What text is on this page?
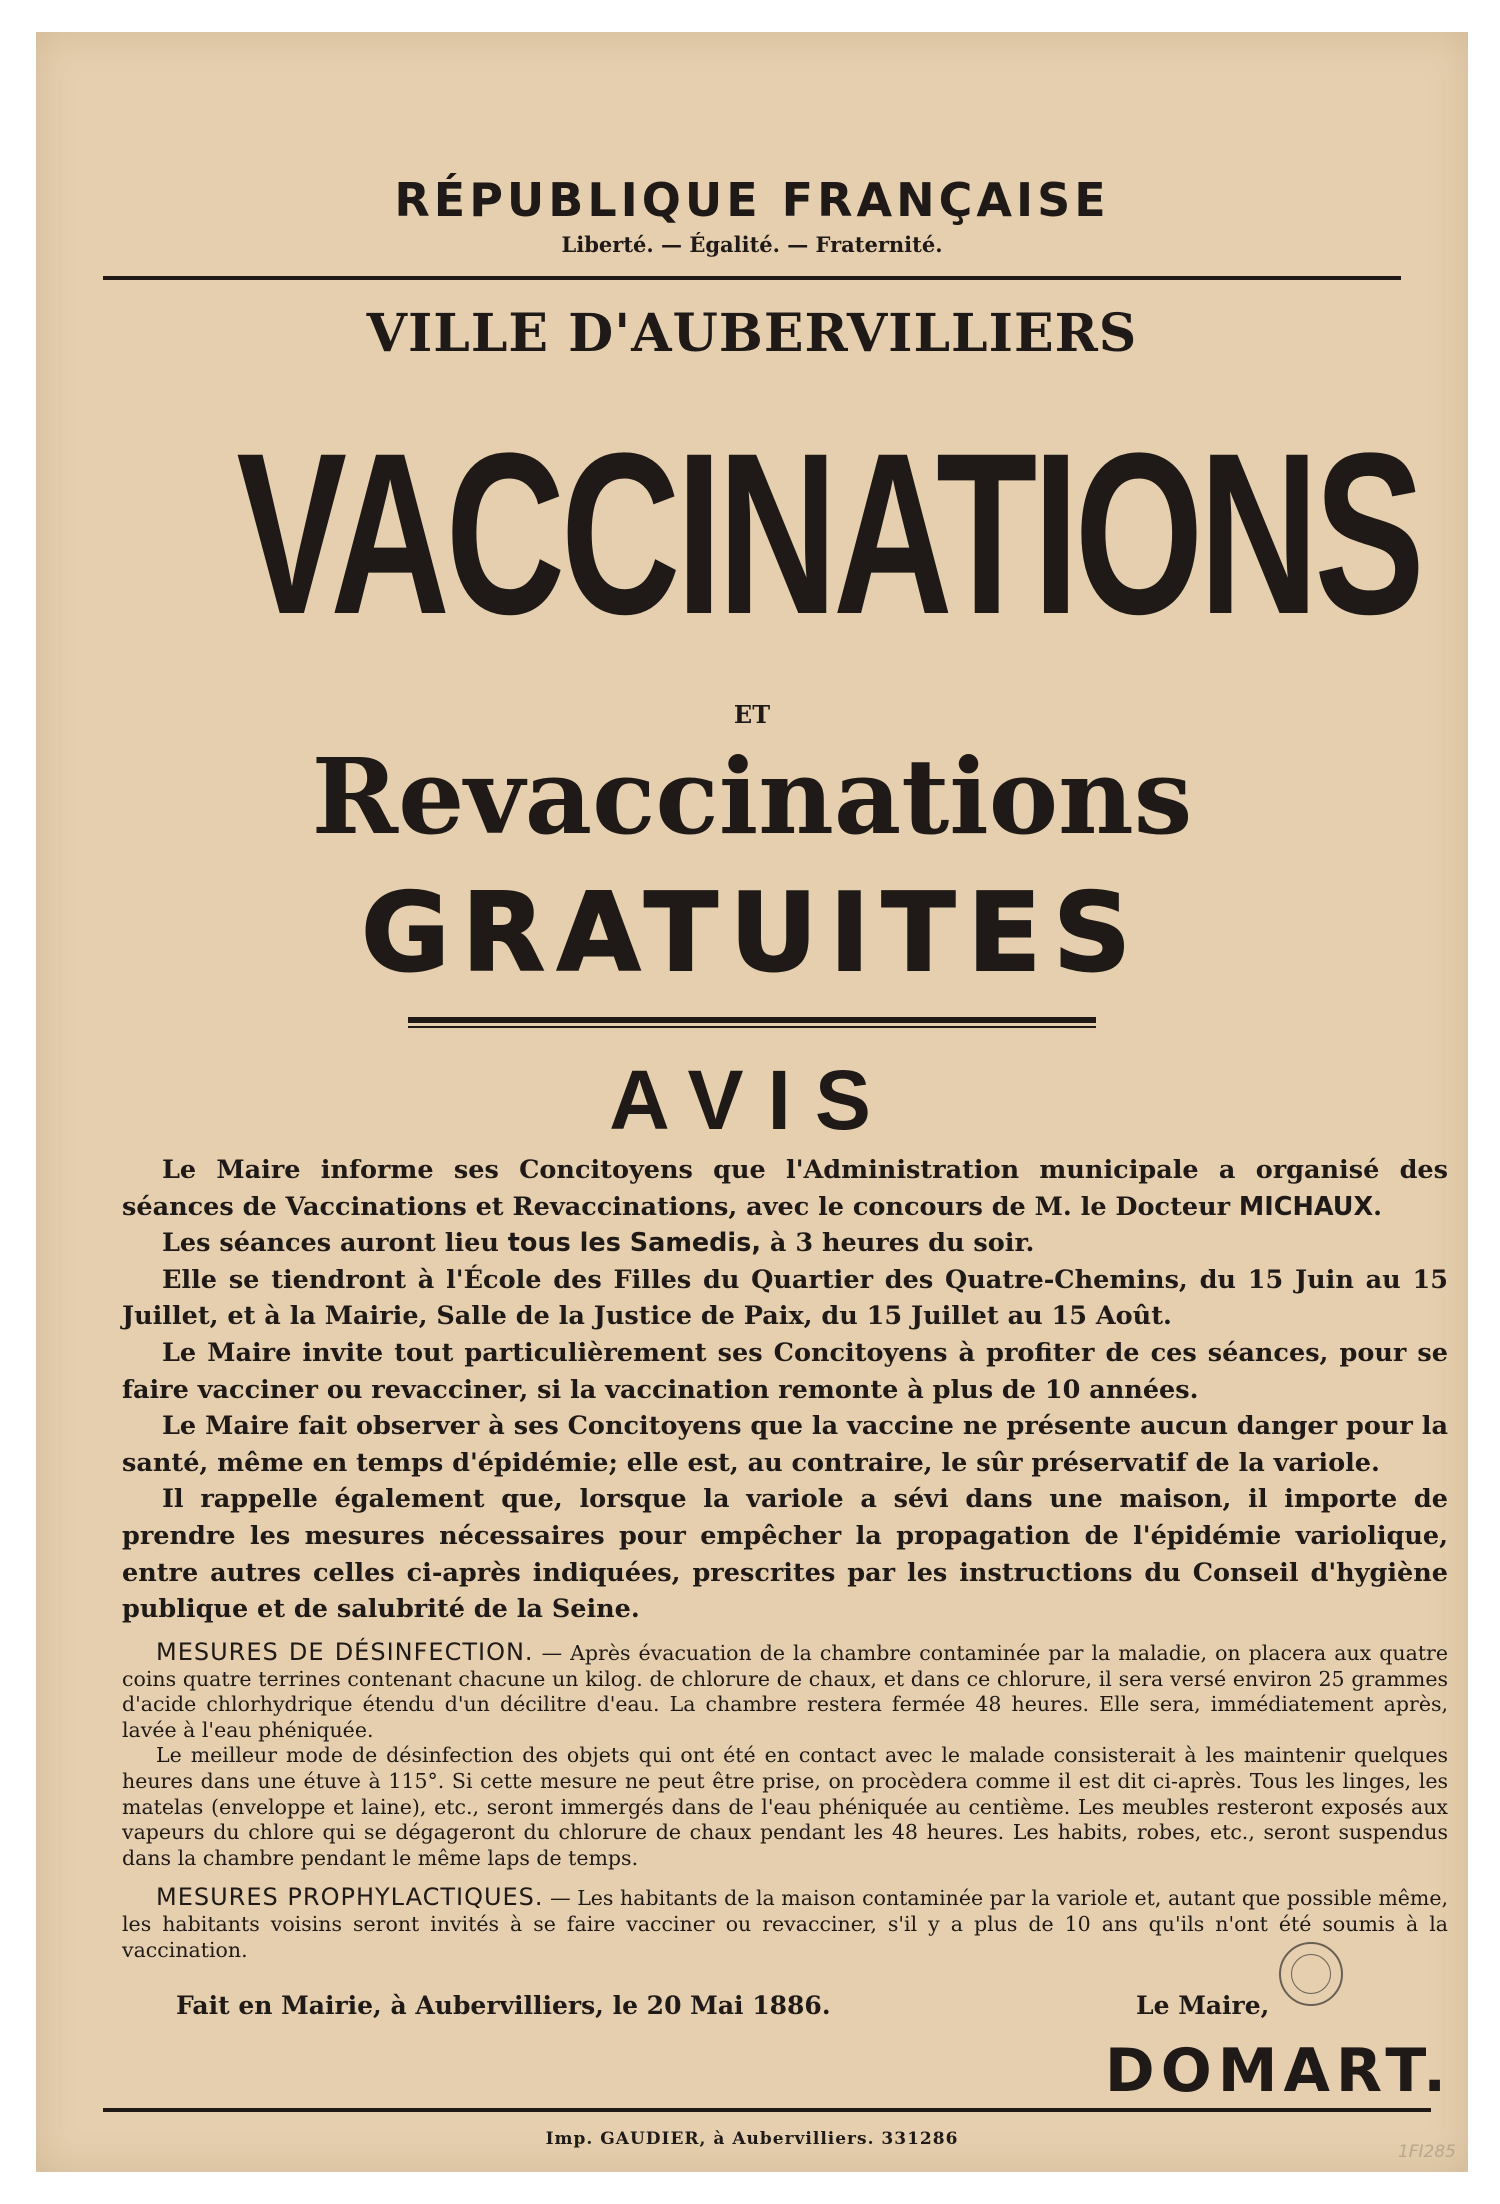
RÉPUBLIQUE FRANÇAISE
Liberté. — Égalité. — Fraternité.
VILLE D'AUBERVILLIERS
VACCINATIONS
ET
Revaccinations
GRATUITES
AVIS

Le Maire informe ses Concitoyens que l'Administration municipale a organisé des séances de Vaccinations et Revaccinations, avec le concours de M. le Docteur MICHAUX.

Les séances auront lieu tous les Samedis, à 3 heures du soir.

Elle se tiendront à l'École des Filles du Quartier des Quatre-Chemins, du 15 Juin au 15 Juillet, et à la Mairie, Salle de la Justice de Paix, du 15 Juillet au 15 Août.

Le Maire invite tout particulièrement ses Concitoyens à profiter de ces séances, pour se faire vacciner ou revacciner, si la vaccination remonte à plus de 10 années.

Le Maire fait observer à ses Concitoyens que la vaccine ne présente aucun danger pour la santé, même en temps d'épidémie; elle est, au contraire, le sûr préservatif de la variole.

Il rappelle également que, lorsque la variole a sévi dans une maison, il importe de prendre les mesures nécessaires pour empêcher la propagation de l'épidémie variolique, entre autres celles ci-après indiquées, prescrites par les instructions du Conseil d'hygiène publique et de salubrité de la Seine.

MESURES DE DÉSINFECTION. — Après évacuation de la chambre contaminée par la maladie, on placera aux quatre coins quatre terrines contenant chacune un kilog. de chlorure de chaux, et dans ce chlorure, il sera versé environ 25 grammes d'acide chlorhydrique étendu d'un décilitre d'eau. La chambre restera fermée 48 heures. Elle sera, immédiatement après, lavée à l'eau phéniquée.

Le meilleur mode de désinfection des objets qui ont été en contact avec le malade consisterait à les maintenir quelques heures dans une étuve à 115°. Si cette mesure ne peut être prise, on procèdera comme il est dit ci-après. Tous les linges, les matelas (enveloppe et laine), etc., seront immergés dans de l'eau phéniquée au centième. Les meubles resteront exposés aux vapeurs du chlore qui se dégageront du chlorure de chaux pendant les 48 heures. Les habits, robes, etc., seront suspendus dans la chambre pendant le même laps de temps.

MESURES PROPHYLACTIQUES. — Les habitants de la maison contaminée par la variole et, autant que possible même, les habitants voisins seront invités à se faire vacciner ou revacciner, s'il y a plus de 10 ans qu'ils n'ont été soumis à la vaccination.

Fait en Mairie, à Aubervilliers, le 20 Mai 1886.	Le Maire,
DOMART.
Imp. GAUDIER, à Aubervilliers. 331286
1FI285
